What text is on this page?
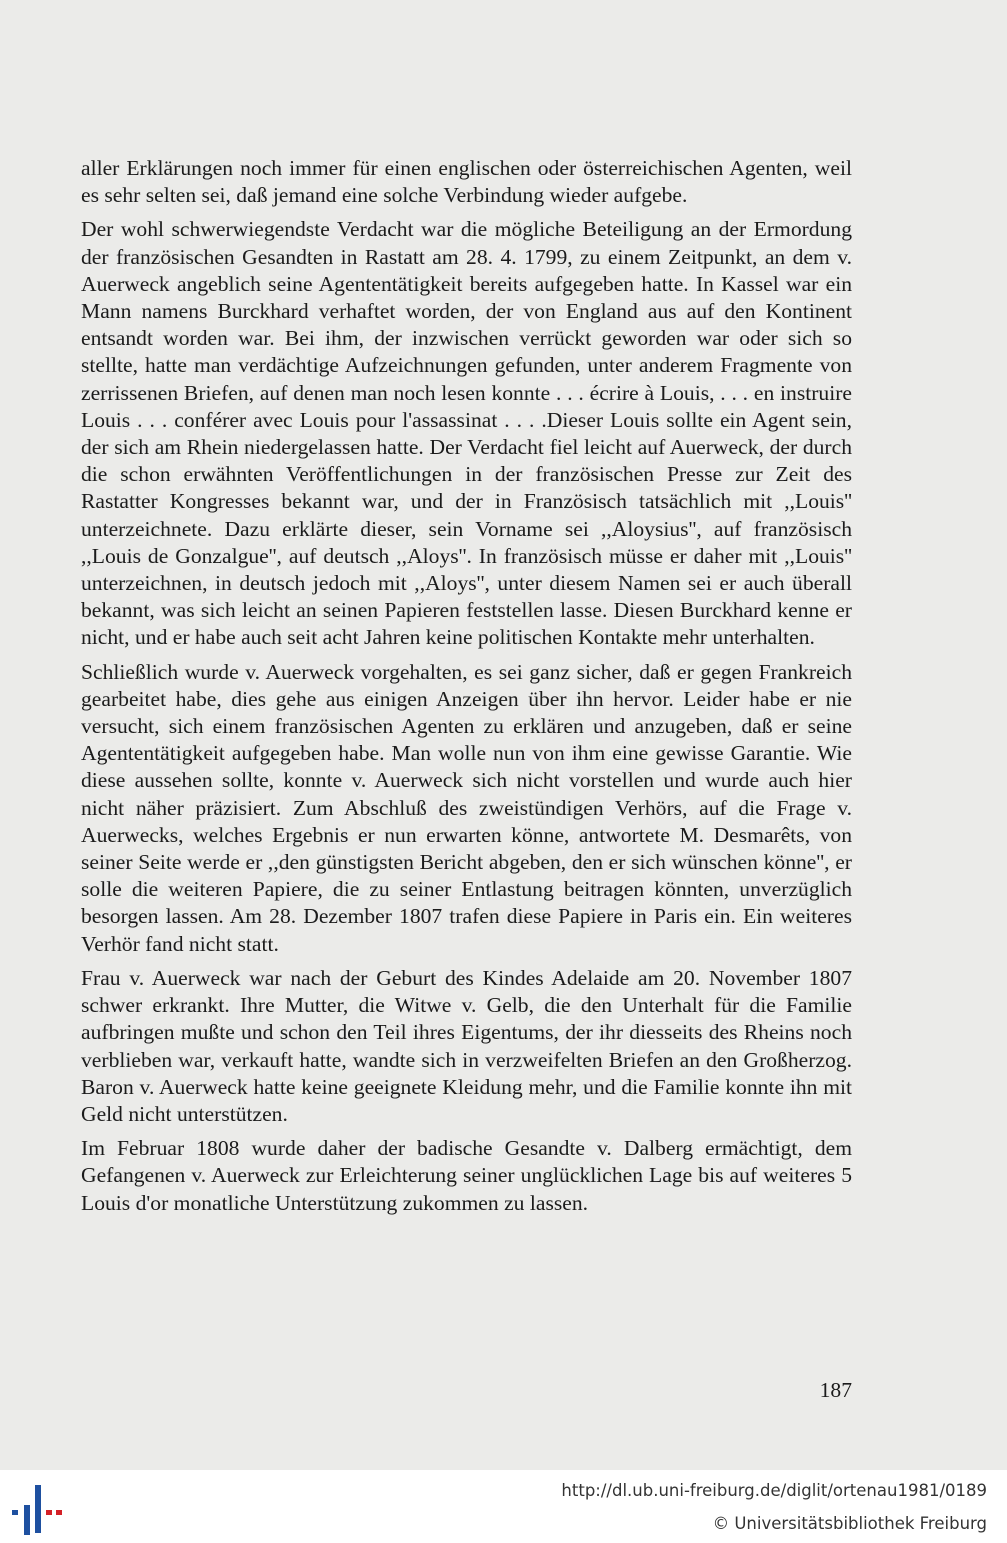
aller Erklärungen noch immer für einen englischen oder österreichischen Agenten, weil es sehr selten sei, daß jemand eine solche Verbindung wieder aufgebe.

Der wohl schwerwiegendste Verdacht war die mögliche Beteiligung an der Ermordung der französischen Gesandten in Rastatt am 28. 4. 1799, zu einem Zeitpunkt, an dem v. Auerweck angeblich seine Agententätigkeit bereits aufgegeben hatte. In Kassel war ein Mann namens Burckhard verhaftet worden, der von England aus auf den Kontinent entsandt worden war. Bei ihm, der inzwischen verrückt geworden war oder sich so stellte, hatte man verdächtige Aufzeichnungen gefunden, unter anderem Fragmente von zerrissenen Briefen, auf denen man noch lesen konnte . . . écrire à Louis, . . . en instruire Louis . . . conférer avec Louis pour l'assassinat . . . .Dieser Louis sollte ein Agent sein, der sich am Rhein niedergelassen hatte. Der Verdacht fiel leicht auf Auerweck, der durch die schon erwähnten Veröffentlichungen in der französischen Presse zur Zeit des Rastatter Kongresses bekannt war, und der in Französisch tatsächlich mit ,,Louis'' unterzeichnete. Dazu erklärte dieser, sein Vorname sei ,,Aloysius'', auf französisch ,,Louis de Gonzalgue'', auf deutsch ,,Aloys''. In französisch müsse er daher mit ,,Louis'' unterzeichnen, in deutsch jedoch mit ,,Aloys'', unter diesem Namen sei er auch überall bekannt, was sich leicht an seinen Papieren feststellen lasse. Diesen Burckhard kenne er nicht, und er habe auch seit acht Jahren keine politischen Kontakte mehr unterhalten.

Schließlich wurde v. Auerweck vorgehalten, es sei ganz sicher, daß er gegen Frankreich gearbeitet habe, dies gehe aus einigen Anzeigen über ihn hervor. Leider habe er nie versucht, sich einem französischen Agenten zu erklären und anzugeben, daß er seine Agententätigkeit aufgegeben habe. Man wolle nun von ihm eine gewisse Garantie. Wie diese aussehen sollte, konnte v. Auerweck sich nicht vorstellen und wurde auch hier nicht näher präzisiert. Zum Abschluß des zweistündigen Verhörs, auf die Frage v. Auerwecks, welches Ergebnis er nun erwarten könne, antwortete M. Desmarêts, von seiner Seite werde er ,,den günstigsten Bericht abgeben, den er sich wünschen könne'', er solle die weiteren Papiere, die zu seiner Entlastung beitragen könnten, unverzüglich besorgen lassen. Am 28. Dezember 1807 trafen diese Papiere in Paris ein. Ein weiteres Verhör fand nicht statt.

Frau v. Auerweck war nach der Geburt des Kindes Adelaide am 20. November 1807 schwer erkrankt. Ihre Mutter, die Witwe v. Gelb, die den Unterhalt für die Familie aufbringen mußte und schon den Teil ihres Eigentums, der ihr diesseits des Rheins noch verblieben war, verkauft hatte, wandte sich in verzweifelten Briefen an den Großherzog. Baron v. Auerweck hatte keine geeignete Kleidung mehr, und die Familie konnte ihn mit Geld nicht unterstützen.

Im Februar 1808 wurde daher der badische Gesandte v. Dalberg ermächtigt, dem Gefangenen v. Auerweck zur Erleichterung seiner unglücklichen Lage bis auf weiteres 5 Louis d'or monatliche Unterstützung zukommen zu lassen.

187
http://dl.ub.uni-freiburg.de/diglit/ortenau1981/0189
© Universitätsbibliothek Freiburg
